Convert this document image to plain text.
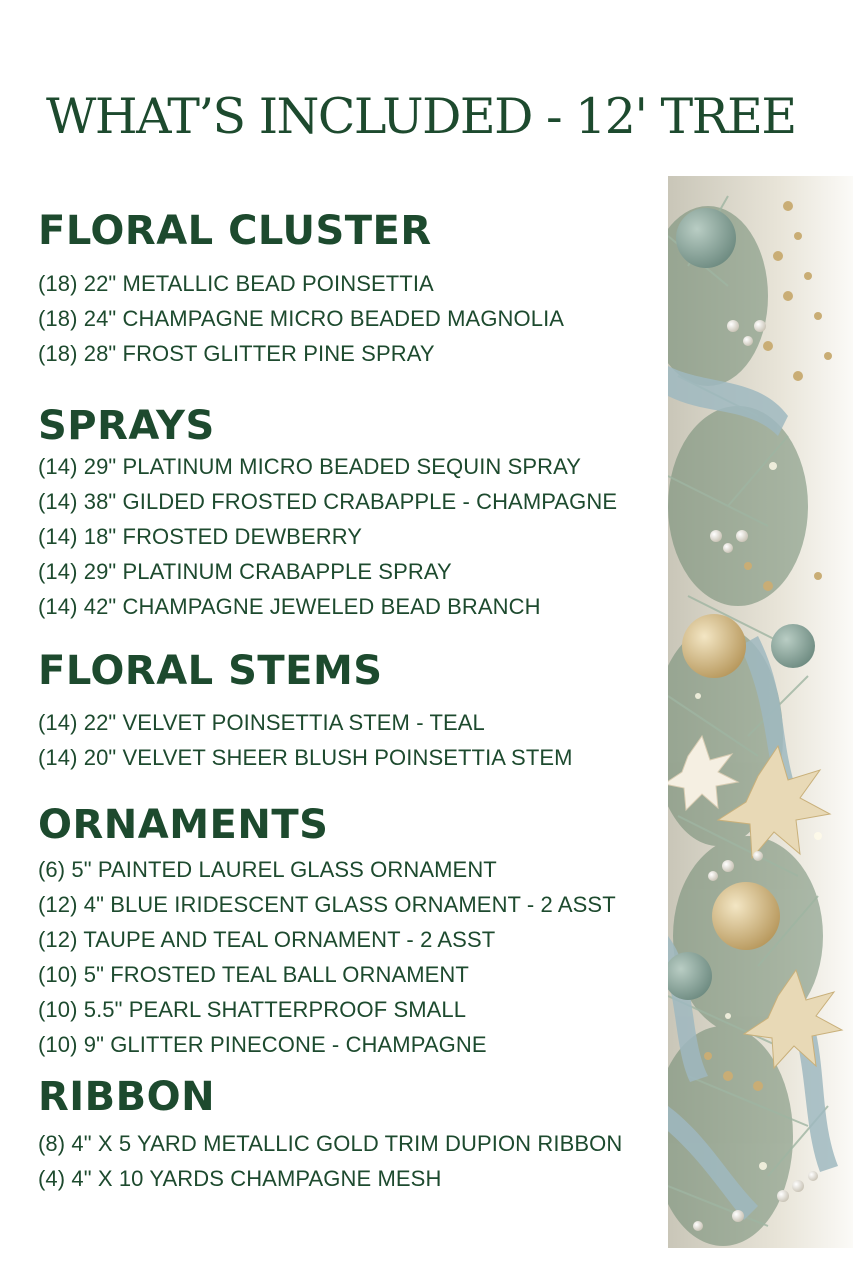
WHAT’S INCLUDED - 12' TREE
FLORAL CLUSTER
(18) 22" METALLIC BEAD POINSETTIA
(18) 24" CHAMPAGNE MICRO BEADED MAGNOLIA
(18) 28" FROST GLITTER PINE SPRAY
SPRAYS
(14) 29" PLATINUM MICRO BEADED SEQUIN SPRAY
(14) 38" GILDED FROSTED CRABAPPLE - CHAMPAGNE
(14) 18" FROSTED DEWBERRY
(14) 29" PLATINUM CRABAPPLE SPRAY
(14) 42" CHAMPAGNE JEWELED BEAD BRANCH
FLORAL STEMS
(14) 22" VELVET POINSETTIA STEM - TEAL
(14) 20" VELVET SHEER BLUSH POINSETTIA STEM
ORNAMENTS
(6) 5" PAINTED LAUREL GLASS ORNAMENT
(12) 4" BLUE IRIDESCENT GLASS ORNAMENT - 2 ASST
(12) TAUPE AND TEAL ORNAMENT - 2 ASST
(10) 5" FROSTED TEAL BALL ORNAMENT
(10) 5.5" PEARL SHATTERPROOF SMALL
(10) 9" GLITTER PINECONE - CHAMPAGNE
RIBBON
(8) 4" X 5 YARD METALLIC GOLD TRIM DUPION RIBBON
(4) 4" X 10 YARDS CHAMPAGNE MESH
